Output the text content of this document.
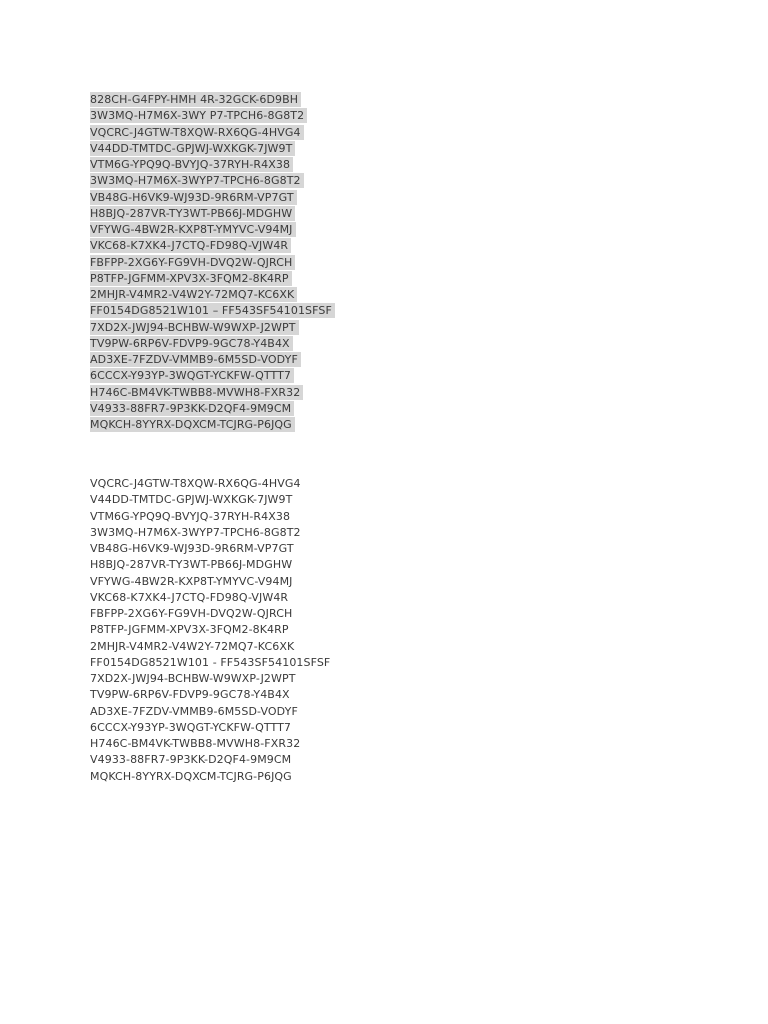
828CH-G4FPY-HMH 4R-32GCK-6D9BH
3W3MQ-H7M6X-3WY P7-TPCH6-8G8T2
VQCRC-J4GTW-T8XQW-RX6QG-4HVG4
V44DD-TMTDC-GPJWJ-WXKGK-7JW9T
VTM6G-YPQ9Q-BVYJQ-37RYH-R4X38
3W3MQ-H7M6X-3WYP7-TPCH6-8G8T2
VB48G-H6VK9-WJ93D-9R6RM-VP7GT
H8BJQ-287VR-TY3WT-PB66J-MDGHW
VFYWG-4BW2R-KXP8T-YMYVC-V94MJ
VKC68-K7XK4-J7CTQ-FD98Q-VJW4R
FBFPP-2XG6Y-FG9VH-DVQ2W-QJRCH
P8TFP-JGFMM-XPV3X-3FQM2-8K4RP
2MHJR-V4MR2-V4W2Y-72MQ7-KC6XK
FF0154DG8521W101 – FF543SF54101SFSF
7XD2X-JWJ94-BCHBW-W9WXP-J2WPT
TV9PW-6RP6V-FDVP9-9GC78-Y4B4X
AD3XE-7FZDV-VMMB9-6M5SD-VODYF
6CCCX-Y93YP-3WQGT-YCKFW-QTTT7
H746C-BM4VK-TWBB8-MVWH8-FXR32
V4933-88FR7-9P3KK-D2QF4-9M9CM
MQKCH-8YYRX-DQXCM-TCJRG-P6JQG
VQCRC-J4GTW-T8XQW-RX6QG-4HVG4
V44DD-TMTDC-GPJWJ-WXKGK-7JW9T
VTM6G-YPQ9Q-BVYJQ-37RYH-R4X38
3W3MQ-H7M6X-3WYP7-TPCH6-8G8T2
VB48G-H6VK9-WJ93D-9R6RM-VP7GT
H8BJQ-287VR-TY3WT-PB66J-MDGHW
VFYWG-4BW2R-KXP8T-YMYVC-V94MJ
VKC68-K7XK4-J7CTQ-FD98Q-VJW4R
FBFPP-2XG6Y-FG9VH-DVQ2W-QJRCH
P8TFP-JGFMM-XPV3X-3FQM2-8K4RP
2MHJR-V4MR2-V4W2Y-72MQ7-KC6XK
FF0154DG8521W101 - FF543SF54101SFSF
7XD2X-JWJ94-BCHBW-W9WXP-J2WPT
TV9PW-6RP6V-FDVP9-9GC78-Y4B4X
AD3XE-7FZDV-VMMB9-6M5SD-VODYF
6CCCX-Y93YP-3WQGT-YCKFW-QTTT7
H746C-BM4VK-TWBB8-MVWH8-FXR32
V4933-88FR7-9P3KK-D2QF4-9M9CM
MQKCH-8YYRX-DQXCM-TCJRG-P6JQG
